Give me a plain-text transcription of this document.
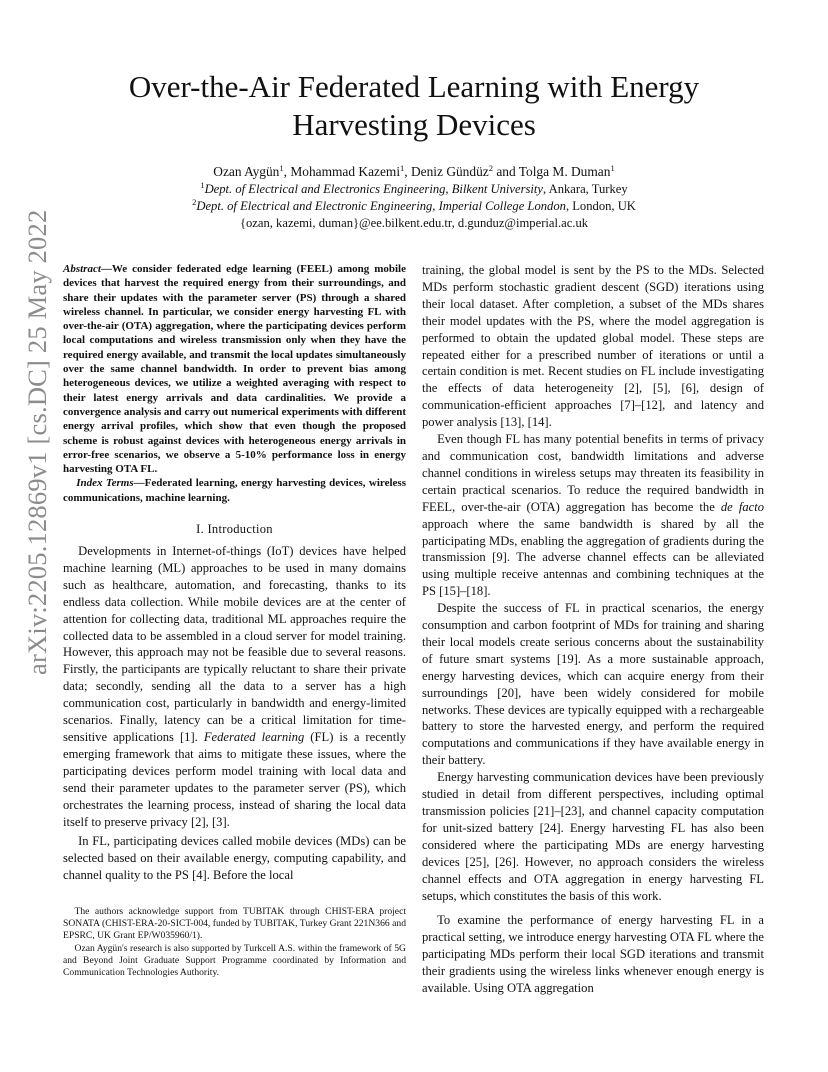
arXiv:2205.12869v1 [cs.DC] 25 May 2022
Over-the-Air Federated Learning with Energy Harvesting Devices
Ozan Aygün$^1$, Mohammad Kazemi$^1$, Deniz Gündüz$^2$ and Tolga M. Duman$^1$
$^1$Dept. of Electrical and Electronics Engineering, Bilkent University, Ankara, Turkey
$^2$Dept. of Electrical and Electronic Engineering, Imperial College London, London, UK
{ozan, kazemi, duman}@ee.bilkent.edu.tr, d.gunduz@imperial.ac.uk

Abstract—We consider federated edge learning (FEEL) among mobile devices that harvest the required energy from their surroundings, and share their updates with the parameter server (PS) through a shared wireless channel. In particular, we consider energy harvesting FL with over-the-air (OTA) aggregation, where the participating devices perform local computations and wireless transmission only when they have the required energy available, and transmit the local updates simultaneously over the same channel bandwidth. In order to prevent bias among heterogeneous devices, we utilize a weighted averaging with respect to their latest energy arrivals and data cardinalities. We provide a convergence analysis and carry out numerical experiments with different energy arrival profiles, which show that even though the proposed scheme is robust against devices with heterogeneous energy arrivals in error-free scenarios, we observe a 5-10% performance loss in energy harvesting OTA FL.

Index Terms—Federated learning, energy harvesting devices, wireless communications, machine learning.

I. Introduction

Developments in Internet-of-things (IoT) devices have helped machine learning (ML) approaches to be used in many domains such as healthcare, automation, and forecasting, thanks to its endless data collection. While mobile devices are at the center of attention for collecting data, traditional ML approaches require the collected data to be assembled in a cloud server for model training. However, this approach may not be feasible due to several reasons. Firstly, the participants are typically reluctant to share their private data; secondly, sending all the data to a server has a high communication cost, particularly in bandwidth and energy-limited scenarios. Finally, latency can be a critical limitation for time-sensitive applications [1]. Federated learning (FL) is a recently emerging framework that aims to mitigate these issues, where the participating devices perform model training with local data and send their parameter updates to the parameter server (PS), which orchestrates the learning process, instead of sharing the local data itself to preserve privacy [2], [3].

In FL, participating devices called mobile devices (MDs) can be selected based on their available energy, computing capability, and channel quality to the PS [4]. Before the local

The authors acknowledge support from TUBITAK through CHIST-ERA project SONATA (CHIST-ERA-20-SICT-004, funded by TUBITAK, Turkey Grant 221N366 and EPSRC, UK Grant EP/W035960/1).

Ozan Aygün's research is also supported by Turkcell A.S. within the framework of 5G and Beyond Joint Graduate Support Programme coordinated by Information and Communication Technologies Authority.

training, the global model is sent by the PS to the MDs. Selected MDs perform stochastic gradient descent (SGD) iterations using their local dataset. After completion, a subset of the MDs shares their model updates with the PS, where the model aggregation is performed to obtain the updated global model. These steps are repeated either for a prescribed number of iterations or until a certain condition is met. Recent studies on FL include investigating the effects of data heterogeneity [2], [5], [6], design of communication-efficient approaches [7]–[12], and latency and power analysis [13], [14].

Even though FL has many potential benefits in terms of privacy and communication cost, bandwidth limitations and adverse channel conditions in wireless setups may threaten its feasibility in certain practical scenarios. To reduce the required bandwidth in FEEL, over-the-air (OTA) aggregation has become the de facto approach where the same bandwidth is shared by all the participating MDs, enabling the aggregation of gradients during the transmission [9]. The adverse channel effects can be alleviated using multiple receive antennas and combining techniques at the PS [15]–[18].

Despite the success of FL in practical scenarios, the energy consumption and carbon footprint of MDs for training and sharing their local models create serious concerns about the sustainability of future smart systems [19]. As a more sustainable approach, energy harvesting devices, which can acquire energy from their surroundings [20], have been widely considered for mobile networks. These devices are typically equipped with a rechargeable battery to store the harvested energy, and perform the required computations and communications if they have available energy in their battery.

Energy harvesting communication devices have been previously studied in detail from different perspectives, including optimal transmission policies [21]–[23], and channel capacity computation for unit-sized battery [24]. Energy harvesting FL has also been considered where the participating MDs are energy harvesting devices [25], [26]. However, no approach considers the wireless channel effects and OTA aggregation in energy harvesting FL setups, which constitutes the basis of this work.

To examine the performance of energy harvesting FL in a practical setting, we introduce energy harvesting OTA FL where the participating MDs perform their local SGD iterations and transmit their gradients using the wireless links whenever enough energy is available. Using OTA aggregation
